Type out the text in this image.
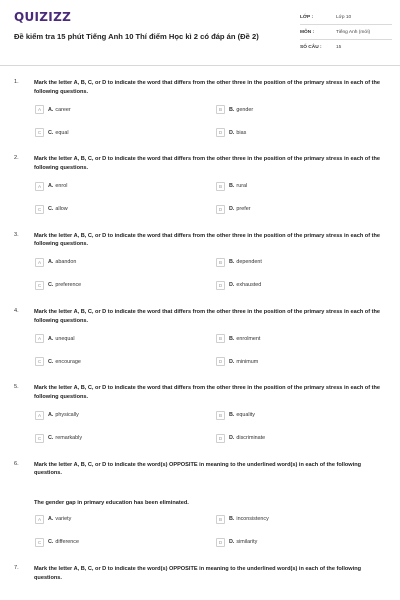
QUIZIZZ
Đề kiểm tra 15 phút Tiếng Anh 10 Thí điểm Học kì 2 có đáp án (Đề 2)
LỚP :	Lớp 10
MÔN :	Tiếng Anh (mới)
SỐ CÂU :	15
1.	Mark the letter A, B, C, or D to indicate the word that differs from the other three in the position of the primary stress in each of the following questions.
A	A. career	B	B. gender
C	C. equal	D	D. bias
2.	Mark the letter A, B, C, or D to indicate the word that differs from the other three in the position of the primary stress in each of the following questions.
A	A. enrol	B	B. rural
C	C. allow	D	D. prefer
3.	Mark the letter A, B, C, or D to indicate the word that differs from the other three in the position of the primary stress in each of the following questions.
A	A. abandon	B	B. dependent
C	C. preference	D	D. exhausted
4.	Mark the letter A, B, C, or D to indicate the word that differs from the other three in the position of the primary stress in each of the following questions.
A	A. unequal	B	B. enrolment
C	C. encourage	D	D. minimum
5.	Mark the letter A, B, C, or D to indicate the word that differs from the other three in the position of the primary stress in each of the following questions.
A	A. physically	B	B. equality
C	C. remarkably	D	D. discriminate
6.	Mark the letter A, B, C, or D to indicate the word(s) OPPOSITE in meaning to the underlined word(s) in each of the following questions.
The gender gap in primary education has been eliminated.
A	A. variety	B	B. inconsistency
C	C. difference	D	D. similarity
7.	Mark the letter A, B, C, or D to indicate the word(s) OPPOSITE in meaning to the underlined word(s) in each of the following questions.
